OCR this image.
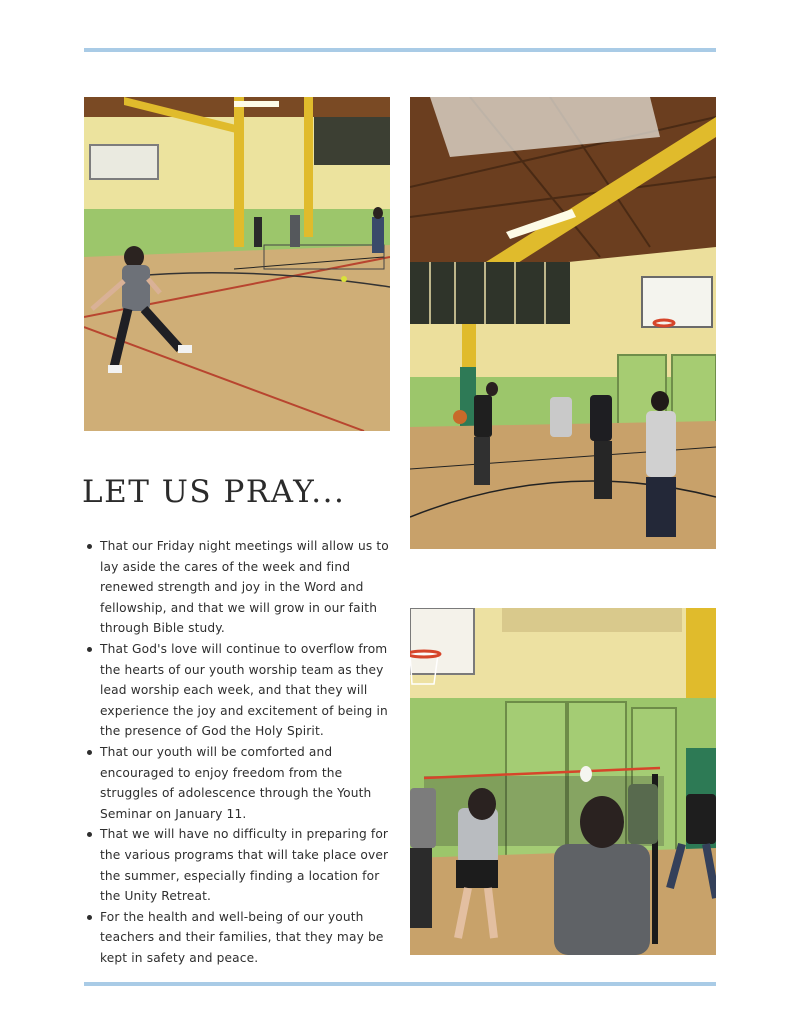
LET US PRAY...
That our Friday night meetings will allow us to lay aside the cares of the week and find renewed strength and joy in the Word and fellowship, and that we will grow in our faith through Bible study.
That God's love will continue to overflow from the hearts of our youth worship team as they lead worship each week, and that they will experience the joy and excitement of being in the presence of God the Holy Spirit.
That our youth will be comforted and encouraged to enjoy freedom from the struggles of adolescence through the Youth Seminar on January 11.
That we will have no difficulty in preparing for the various programs that will take place over the summer, especially finding a location for the Unity Retreat.
For the health and well-being of our youth teachers and their families, that they may be kept in safety and peace.
